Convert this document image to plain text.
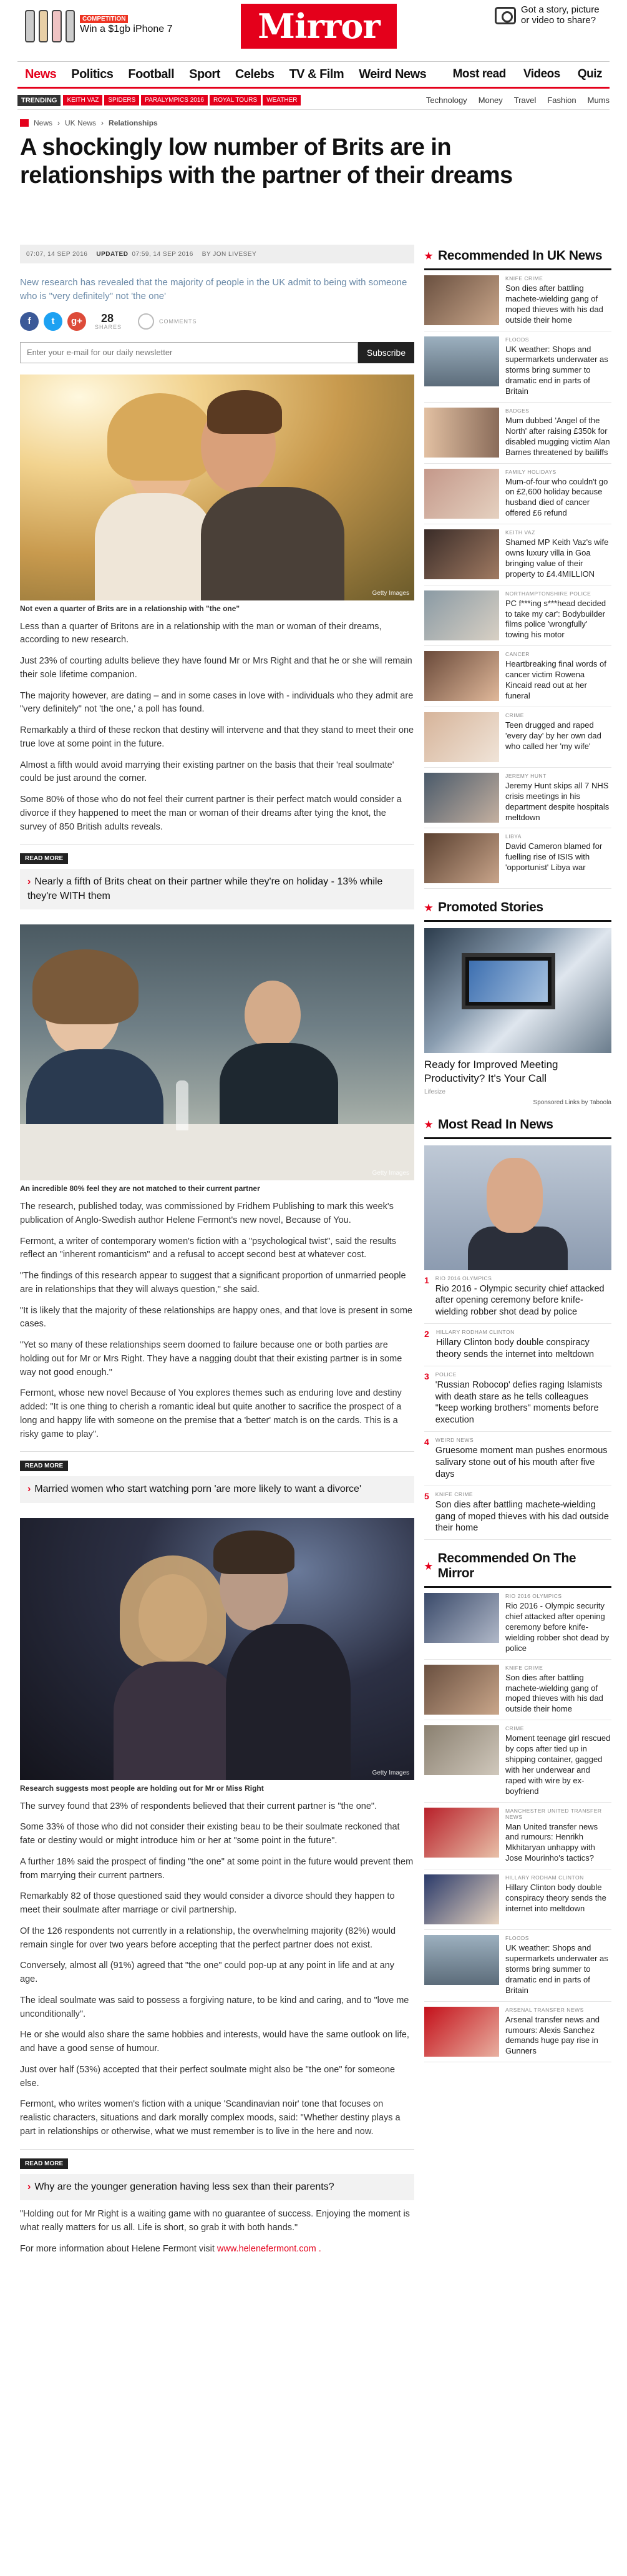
COMPETITION
Win a $1gb iPhone 7	Mirror	Got a story, picture or video to share?
News	Politics	Football	Sport	Celebs	TV & Film	Weird News	Most read	Videos	Quiz
TRENDING	KEITH VAZ	SPIDERS	PARALYMPICS 2016	ROYAL TOURS	WEATHER	Technology Money Travel Fashion Mums
News › UK News › Relationships
A shockingly low number of Brits are in relationships with the partner of their dreams
07:07, 14 SEP 2016 UPDATED 07:59, 14 SEP 2016 BY JON LIVESEY

New research has revealed that the majority of people in the UK admit to being with someone who is "very definitely" not 'the one'

f	t	g+	28
SHARES
COMMENTS
Enter your e-mail for our daily newsletter
Subscribe
Getty Images
Not even a quarter of Brits are in a relationship with "the one"

Less than a quarter of Britons are in a relationship with the man or woman of their dreams, according to new research.

Just 23% of courting adults believe they have found Mr or Mrs Right and that he or she will remain their sole lifetime companion.

The majority however, are dating – and in some cases in love with - individuals who they admit are "very definitely" not 'the one,' a poll has found.

Remarkably a third of these reckon that destiny will intervene and that they stand to meet their one true love at some point in the future.

Almost a fifth would avoid marrying their existing partner on the basis that their 'real soulmate' could be just around the corner.

Some 80% of those who do not feel their current partner is their perfect match would consider a divorce if they happened to meet the man or woman of their dreams after tying the knot, the survey of 850 British adults reveals.

READ MORE
› Nearly a fifth of Brits cheat on their partner while they're on holiday - 13% while they're WITH them
Getty Images
An incredible 80% feel they are not matched to their current partner

The research, published today, was commissioned by Fridhem Publishing to mark this week's publication of Anglo-Swedish author Helene Fermont's new novel, Because of You.

Fermont, a writer of contemporary women's fiction with a "psychological twist", said the results reflect an "inherent romanticism" and a refusal to accept second best at whatever cost.

"The findings of this research appear to suggest that a significant proportion of unmarried people are in relationships that they will always question," she said.

"It is likely that the majority of these relationships are happy ones, and that love is present in some cases.

"Yet so many of these relationships seem doomed to failure because one or both parties are holding out for Mr or Mrs Right. They have a nagging doubt that their existing partner is in some way not good enough."

Fermont, whose new novel Because of You explores themes such as enduring love and destiny added: "It is one thing to cherish a romantic ideal but quite another to sacrifice the prospect of a long and happy life with someone on the premise that a 'better' match is on the cards. This is a risky game to play".

READ MORE
› Married women who start watching porn 'are more likely to want a divorce'
Getty Images
Research suggests most people are holding out for Mr or Miss Right

The survey found that 23% of respondents believed that their current partner is "the one".

Some 33% of those who did not consider their existing beau to be their soulmate reckoned that fate or destiny would or might introduce him or her at "some point in the future".

A further 18% said the prospect of finding "the one" at some point in the future would prevent them from marrying their current partners.

Remarkably 82 of those questioned said they would consider a divorce should they happen to meet their soulmate after marriage or civil partnership.

Of the 126 respondents not currently in a relationship, the overwhelming majority (82%) would remain single for over two years before accepting that the perfect partner does not exist.

Conversely, almost all (91%) agreed that "the one" could pop-up at any point in life and at any age.

The ideal soulmate was said to possess a forgiving nature, to be kind and caring, and to "love me unconditionally".

He or she would also share the same hobbies and interests, would have the same outlook on life, and have a good sense of humour.

Just over half (53%) accepted that their perfect soulmate might also be "the one" for someone else.

Fermont, who writes women's fiction with a unique 'Scandinavian noir' tone that focuses on realistic characters, situations and dark morally complex moods, said: "Whether destiny plays a part in relationships or otherwise, what we must remember is to live in the here and now.

READ MORE
› Why are the younger generation having less sex than their parents?

"Holding out for Mr Right is a waiting game with no guarantee of success. Enjoying the moment is what really matters for us all. Life is short, so grab it with both hands."

For more information about Helene Fermont visit www.helenefermont.com .

Recommended In UK News
KNIFE CRIME
Son dies after battling machete-wielding gang of moped thieves with his dad outside their home
FLOODS
UK weather: Shops and supermarkets underwater as storms bring summer to dramatic end in parts of Britain
BADGES
Mum dubbed 'Angel of the North' after raising £350k for disabled mugging victim Alan Barnes threatened by bailiffs
FAMILY HOLIDAYS
Mum-of-four who couldn't go on £2,600 holiday because husband died of cancer offered £6 refund
KEITH VAZ
Shamed MP Keith Vaz's wife owns luxury villa in Goa bringing value of their property to £4.4MILLION
NORTHAMPTONSHIRE POLICE
PC f***ing s***head decided to take my car': Bodybuilder films police 'wrongfully' towing his motor
CANCER
Heartbreaking final words of cancer victim Rowena Kincaid read out at her funeral
CRIME
Teen drugged and raped 'every day' by her own dad who called her 'my wife'
JEREMY HUNT
Jeremy Hunt skips all 7 NHS crisis meetings in his department despite hospitals meltdown
LIBYA
David Cameron blamed for fuelling rise of ISIS with 'opportunist' Libya war
Promoted Stories
Ready for Improved Meeting Productivity? It's Your Call
Lifesize
Sponsored Links by Taboola
Most Read In News
1 RIO 2016 OLYMPICS
Rio 2016 - Olympic security chief attacked after opening ceremony before knife-wielding robber shot dead by police
2 HILLARY RODHAM CLINTON
Hillary Clinton body double conspiracy theory sends the internet into meltdown
3 POLICE
'Russian Robocop' defies raging Islamists with death stare as he tells colleagues "keep working brothers" moments before execution
4 WEIRD NEWS
Gruesome moment man pushes enormous salivary stone out of his mouth after five days
5 KNIFE CRIME
Son dies after battling machete-wielding gang of moped thieves with his dad outside their home
Recommended On The Mirror
RIO 2016 OLYMPICS
Rio 2016 - Olympic security chief attacked after opening ceremony before knife-wielding robber shot dead by police
KNIFE CRIME
Son dies after battling machete-wielding gang of moped thieves with his dad outside their home
CRIME
Moment teenage girl rescued by cops after tied up in shipping container, gagged with her underwear and raped with wire by ex-boyfriend
MANCHESTER UNITED TRANSFER NEWS
Man United transfer news and rumours: Henrikh Mkhitaryan unhappy with Jose Mourinho's tactics?
HILLARY RODHAM CLINTON
Hillary Clinton body double conspiracy theory sends the internet into meltdown
FLOODS
UK weather: Shops and supermarkets underwater as storms bring summer to dramatic end in parts of Britain
ARSENAL TRANSFER NEWS
Arsenal transfer news and rumours: Alexis Sanchez demands huge pay rise in Gunners
